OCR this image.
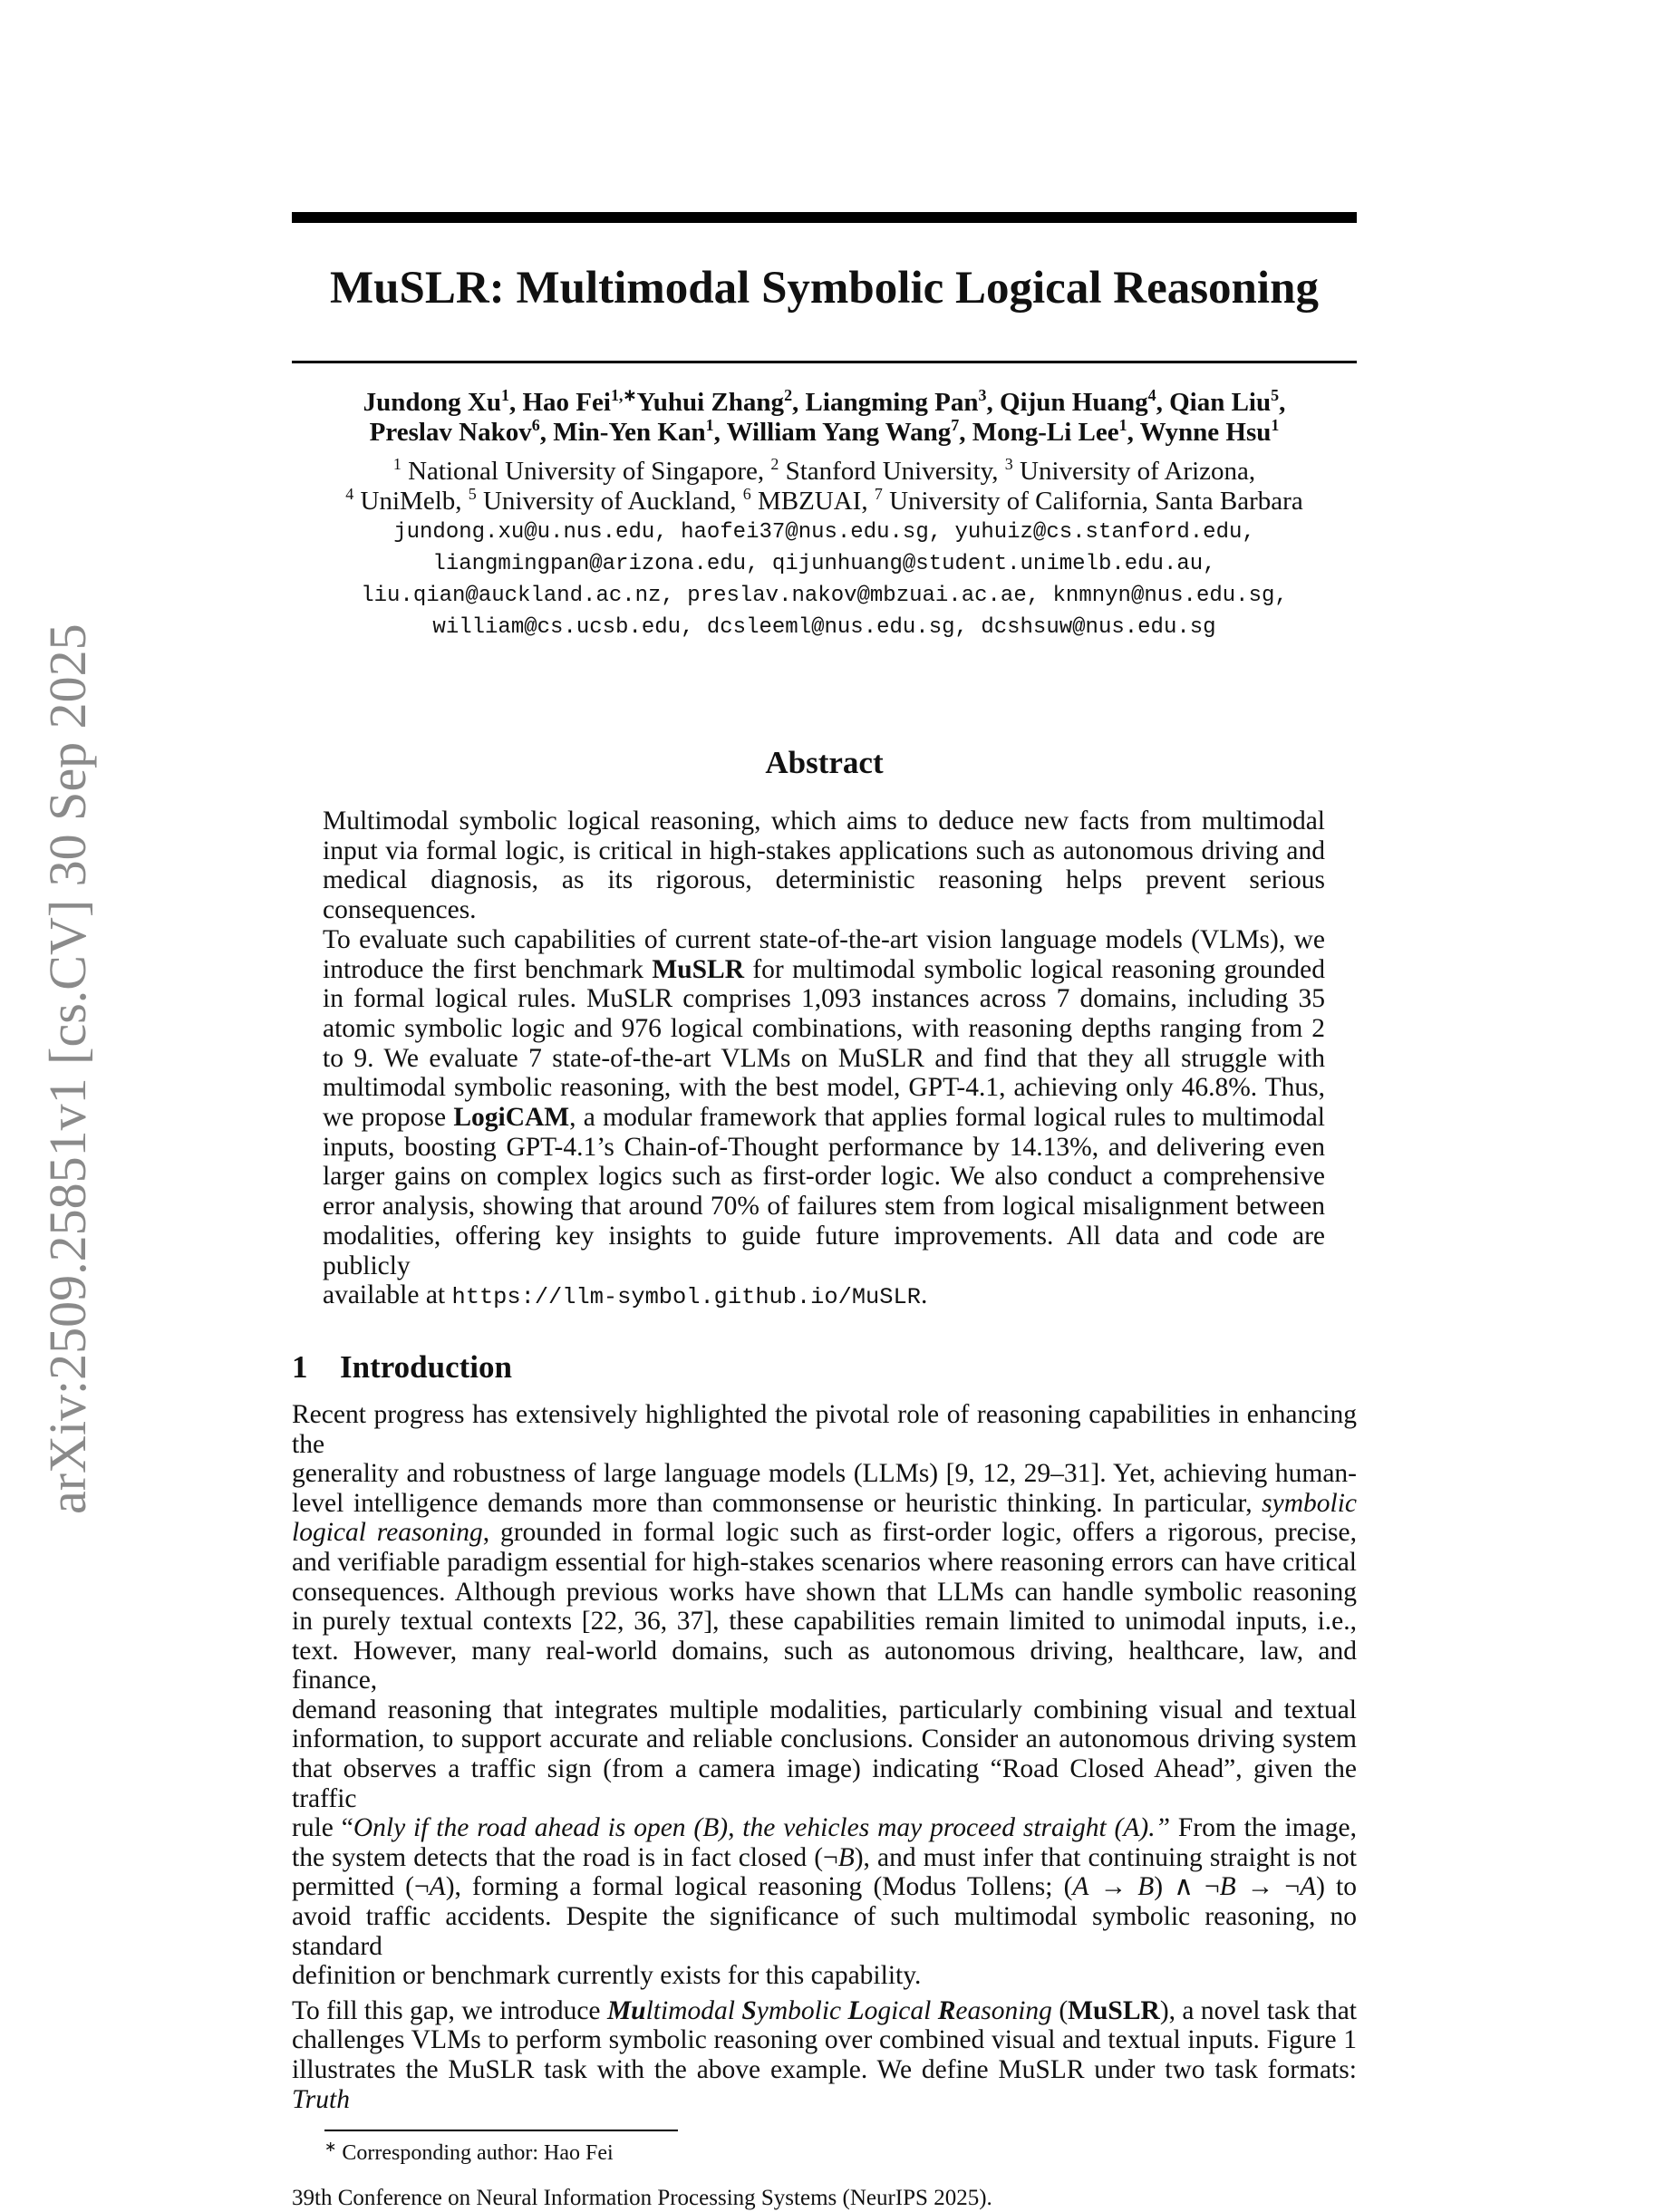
arXiv:2509.25851v1 [cs.CV] 30 Sep 2025
MuSLR: Multimodal Symbolic Logical Reasoning
Jundong Xu$^1$, Hao Fei$^{1,∗}$Yuhui Zhang$^2$, Liangming Pan$^3$, Qijun Huang$^4$, Qian Liu$^5$,
Preslav Nakov$^6$, Min-Yen Kan$^1$, William Yang Wang$^7$, Mong-Li Lee$^1$, Wynne Hsu$^1$
$^1$ National University of Singapore, $^2$ Stanford University, $^3$ University of Arizona,
$^4$ UniMelb, $^5$ University of Auckland, $^6$ MBZUAI, $^7$ University of California, Santa Barbara
jundong.xu@u.nus.edu, haofei37@nus.edu.sg, yuhuiz@cs.stanford.edu,
liangmingpan@arizona.edu, qijunhuang@student.unimelb.edu.au,
liu.qian@auckland.ac.nz, preslav.nakov@mbzuai.ac.ae, knmnyn@nus.edu.sg,
william@cs.ucsb.edu, dcsleeml@nus.edu.sg, dcshsuw@nus.edu.sg
Abstract
Multimodal symbolic logical reasoning, which aims to deduce new facts from multimodal
input via formal logic, is critical in high-stakes applications such as autonomous driving and
medical diagnosis, as its rigorous, deterministic reasoning helps prevent serious consequences.
To evaluate such capabilities of current state-of-the-art vision language models (VLMs), we
introduce the first benchmark MuSLR for multimodal symbolic logical reasoning grounded
in formal logical rules. MuSLR comprises 1,093 instances across 7 domains, including 35
atomic symbolic logic and 976 logical combinations, with reasoning depths ranging from 2
to 9. We evaluate 7 state-of-the-art VLMs on MuSLR and find that they all struggle with
multimodal symbolic reasoning, with the best model, GPT-4.1, achieving only 46.8%. Thus,
we propose LogiCAM, a modular framework that applies formal logical rules to multimodal
inputs, boosting GPT-4.1’s Chain-of-Thought performance by 14.13%, and delivering even
larger gains on complex logics such as first-order logic. We also conduct a comprehensive
error analysis, showing that around 70% of failures stem from logical misalignment between
modalities, offering key insights to guide future improvements. All data and code are publicly
available at https://llm-symbol.github.io/MuSLR.
1 Introduction
Recent progress has extensively highlighted the pivotal role of reasoning capabilities in enhancing the
generality and robustness of large language models (LLMs) [9, 12, 29–31]. Yet, achieving human-
level intelligence demands more than commonsense or heuristic thinking. In particular, symbolic
logical reasoning, grounded in formal logic such as first-order logic, offers a rigorous, precise,
and verifiable paradigm essential for high-stakes scenarios where reasoning errors can have critical
consequences. Although previous works have shown that LLMs can handle symbolic reasoning
in purely textual contexts [22, 36, 37], these capabilities remain limited to unimodal inputs, i.e.,
text. However, many real-world domains, such as autonomous driving, healthcare, law, and finance,
demand reasoning that integrates multiple modalities, particularly combining visual and textual
information, to support accurate and reliable conclusions. Consider an autonomous driving system
that observes a traffic sign (from a camera image) indicating “Road Closed Ahead”, given the traffic
rule “Only if the road ahead is open (B), the vehicles may proceed straight (A).” From the image,
the system detects that the road is in fact closed (¬B), and must infer that continuing straight is not
permitted (¬A), forming a formal logical reasoning (Modus Tollens; (A → B) ∧ ¬B → ¬A) to
avoid traffic accidents. Despite the significance of such multimodal symbolic reasoning, no standard
definition or benchmark currently exists for this capability.
To fill this gap, we introduce Multimodal Symbolic Logical Reasoning (MuSLR), a novel task that
challenges VLMs to perform symbolic reasoning over combined visual and textual inputs. Figure 1
illustrates the MuSLR task with the above example. We define MuSLR under two task formats: Truth
∗ Corresponding author: Hao Fei
39th Conference on Neural Information Processing Systems (NeurIPS 2025).
